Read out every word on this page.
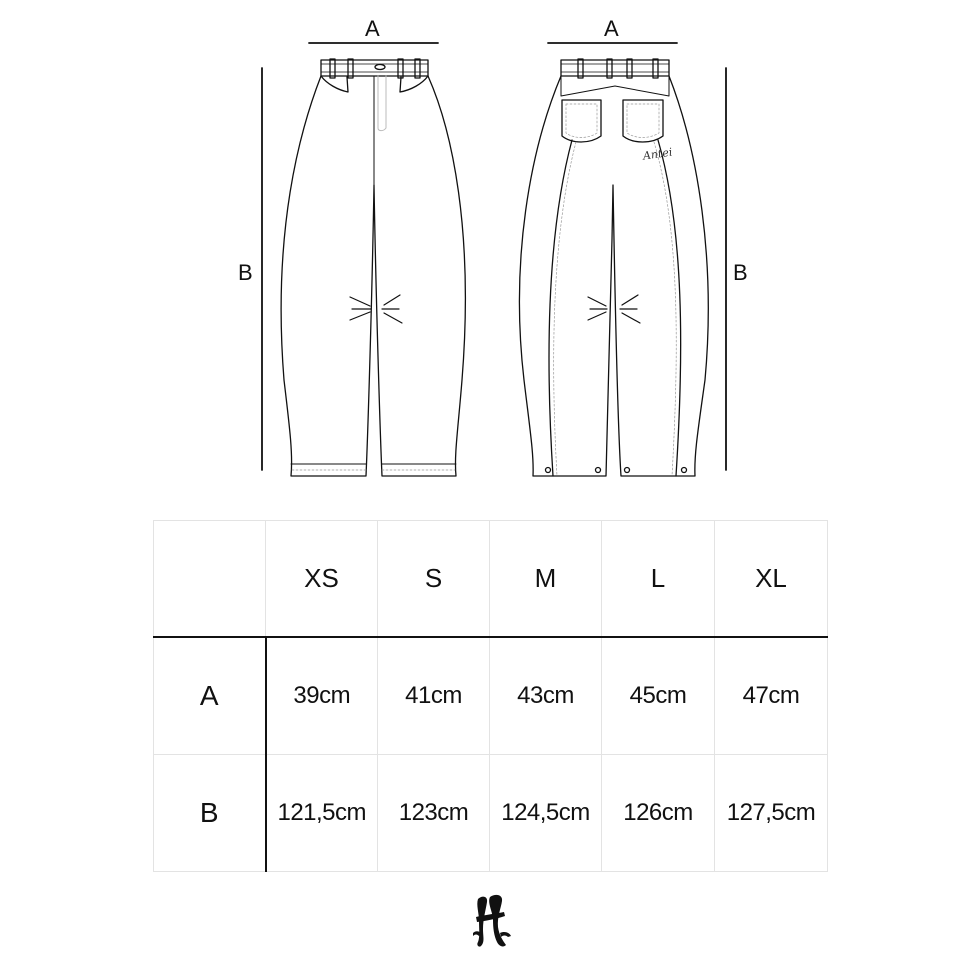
Antei
A	A
B	B
	XS	S	M	L	XL
A	39cm	41cm	43cm	45cm	47cm
B	121,5cm	123cm	124,5cm	126cm	127,5cm
